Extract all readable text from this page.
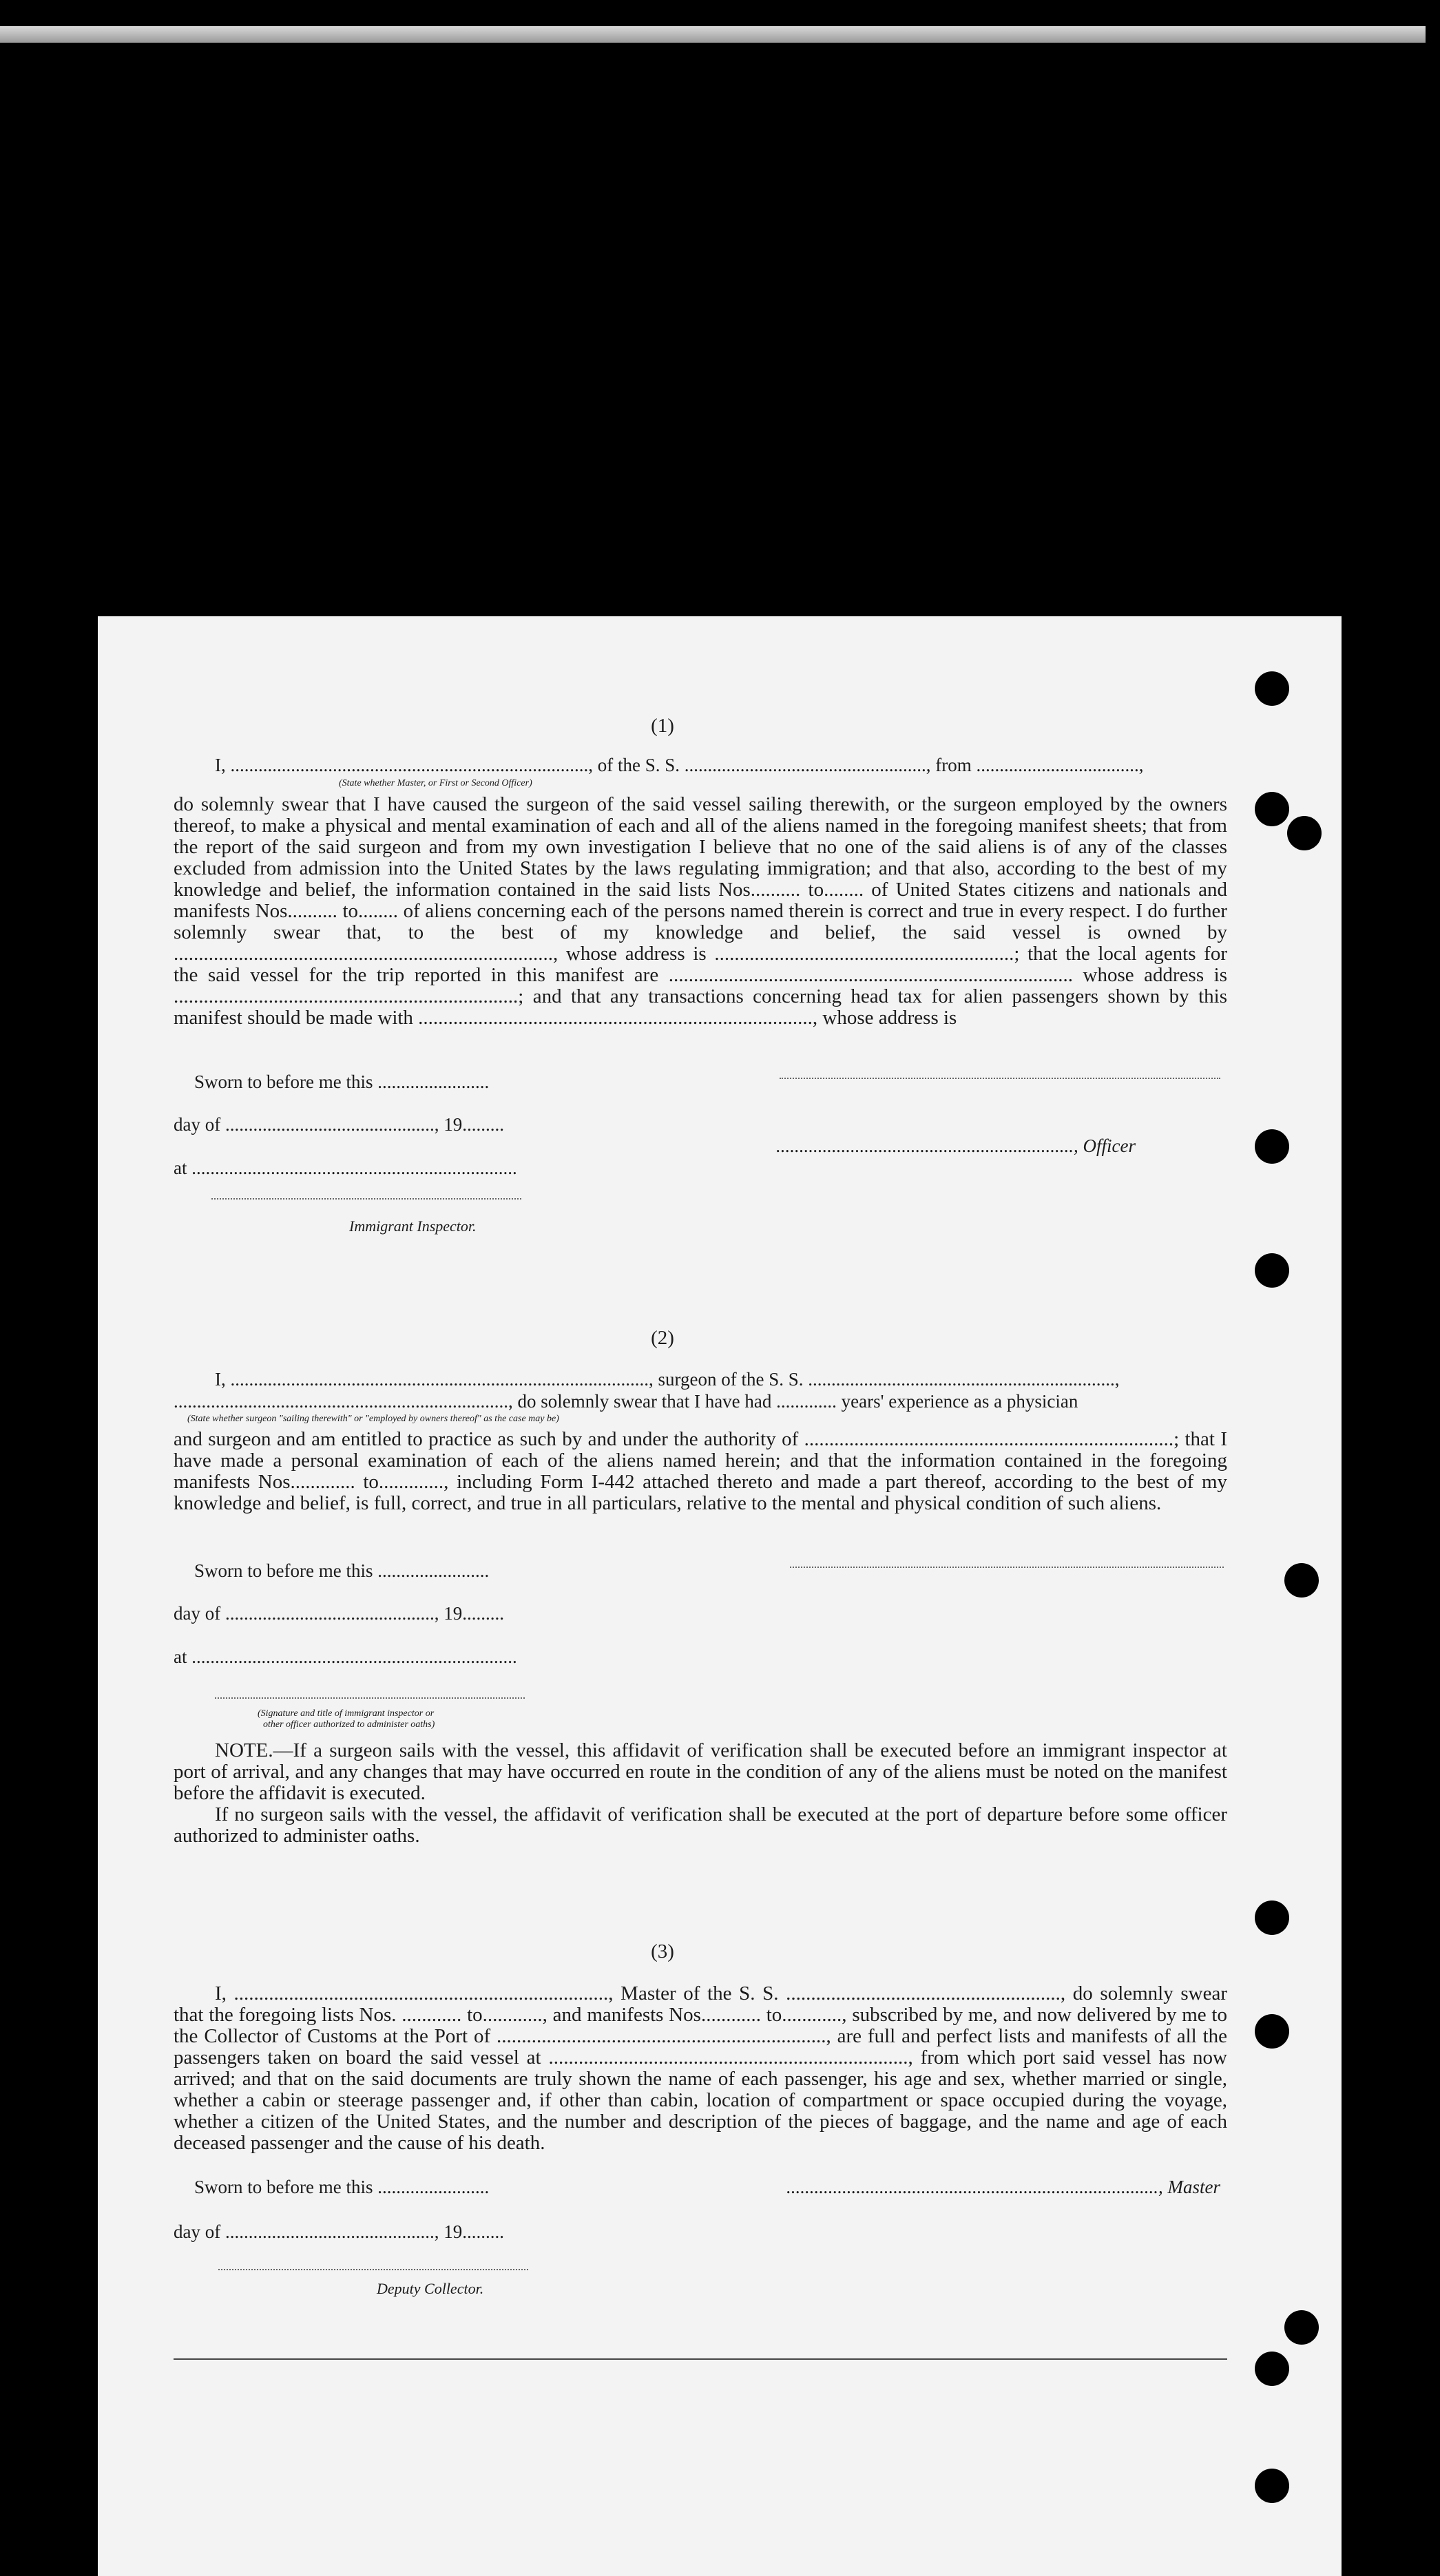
(1)
I, ............................................................................., of the S. S. ...................................................., from ...................................,
(State whether Master, or First or Second Officer)

do solemnly swear that I have caused the surgeon of the said vessel sailing therewith, or the surgeon employed by the owners thereof, to make a physical and mental examination of each and all of the aliens named in the foregoing manifest sheets; that from the report of the said surgeon and from my own investigation I believe that no one of the said aliens is of any of the classes excluded from admission into the United States by the laws regulating immigration; and that also, according to the best of my knowledge and belief, the information contained in the said lists Nos.......... to........ of United States citizens and nationals and manifests Nos.......... to........ of aliens concerning each of the persons named therein is correct and true in every respect. I do further solemnly swear that, to the best of my knowledge and belief, the said vessel is owned by ............................................................................, whose address is ............................................................; that the local agents for the said vessel for the trip reported in this manifest are ................................................................................. whose address is .....................................................................; and that any transactions concerning head tax for alien passengers shown by this manifest should be made with ..............................................................................., whose address is

Sworn to before me this ........................
day of ............................................., 19.........
................................................................, Officer
at ......................................................................
Immigrant Inspector.
(2)
I, .........................................................................................., surgeon of the S. S. ..................................................................,
........................................................................, do solemnly swear that I have had ............. years' experience as a physician
(State whether surgeon "sailing therewith" or "employed by owners thereof" as the case may be)

and surgeon and am entitled to practice as such by and under the authority of ..........................................................................; that I have made a personal examination of each of the aliens named herein; and that the information contained in the foregoing manifests Nos............. to............., including Form I-442 attached thereto and made a part thereof, according to the best of my knowledge and belief, is full, correct, and true in all particulars, relative to the mental and physical condition of such aliens.

Sworn to before me this ........................
day of ............................................., 19.........
at ......................................................................
(Signature and title of immigrant inspector or
other officer authorized to administer oaths)

NOTE.—If a surgeon sails with the vessel, this affidavit of verification shall be executed before an immigrant inspector at port of arrival, and any changes that may have occurred en route in the condition of any of the aliens must be noted on the manifest before the affidavit is executed.

If no surgeon sails with the vessel, the affidavit of verification shall be executed at the port of departure before some officer authorized to administer oaths.

(3)

I, ..........................................................................., Master of the S. S. ......................................................., do solemnly swear that the foregoing lists Nos. ............ to............, and manifests Nos............ to............, subscribed by me, and now delivered by me to the Collector of Customs at the Port of .................................................................., are full and perfect lists and manifests of all the passengers taken on board the said vessel at ........................................................................, from which port said vessel has now arrived; and that on the said documents are truly shown the name of each passenger, his age and sex, whether married or single, whether a cabin or steerage passenger and, if other than cabin, location of compartment or space occupied during the voyage, whether a citizen of the United States, and the number and description of the pieces of baggage, and the name and age of each deceased passenger and the cause of his death.

Sworn to before me this ........................	................................................................................, Master
day of ............................................., 19.........
Deputy Collector.
